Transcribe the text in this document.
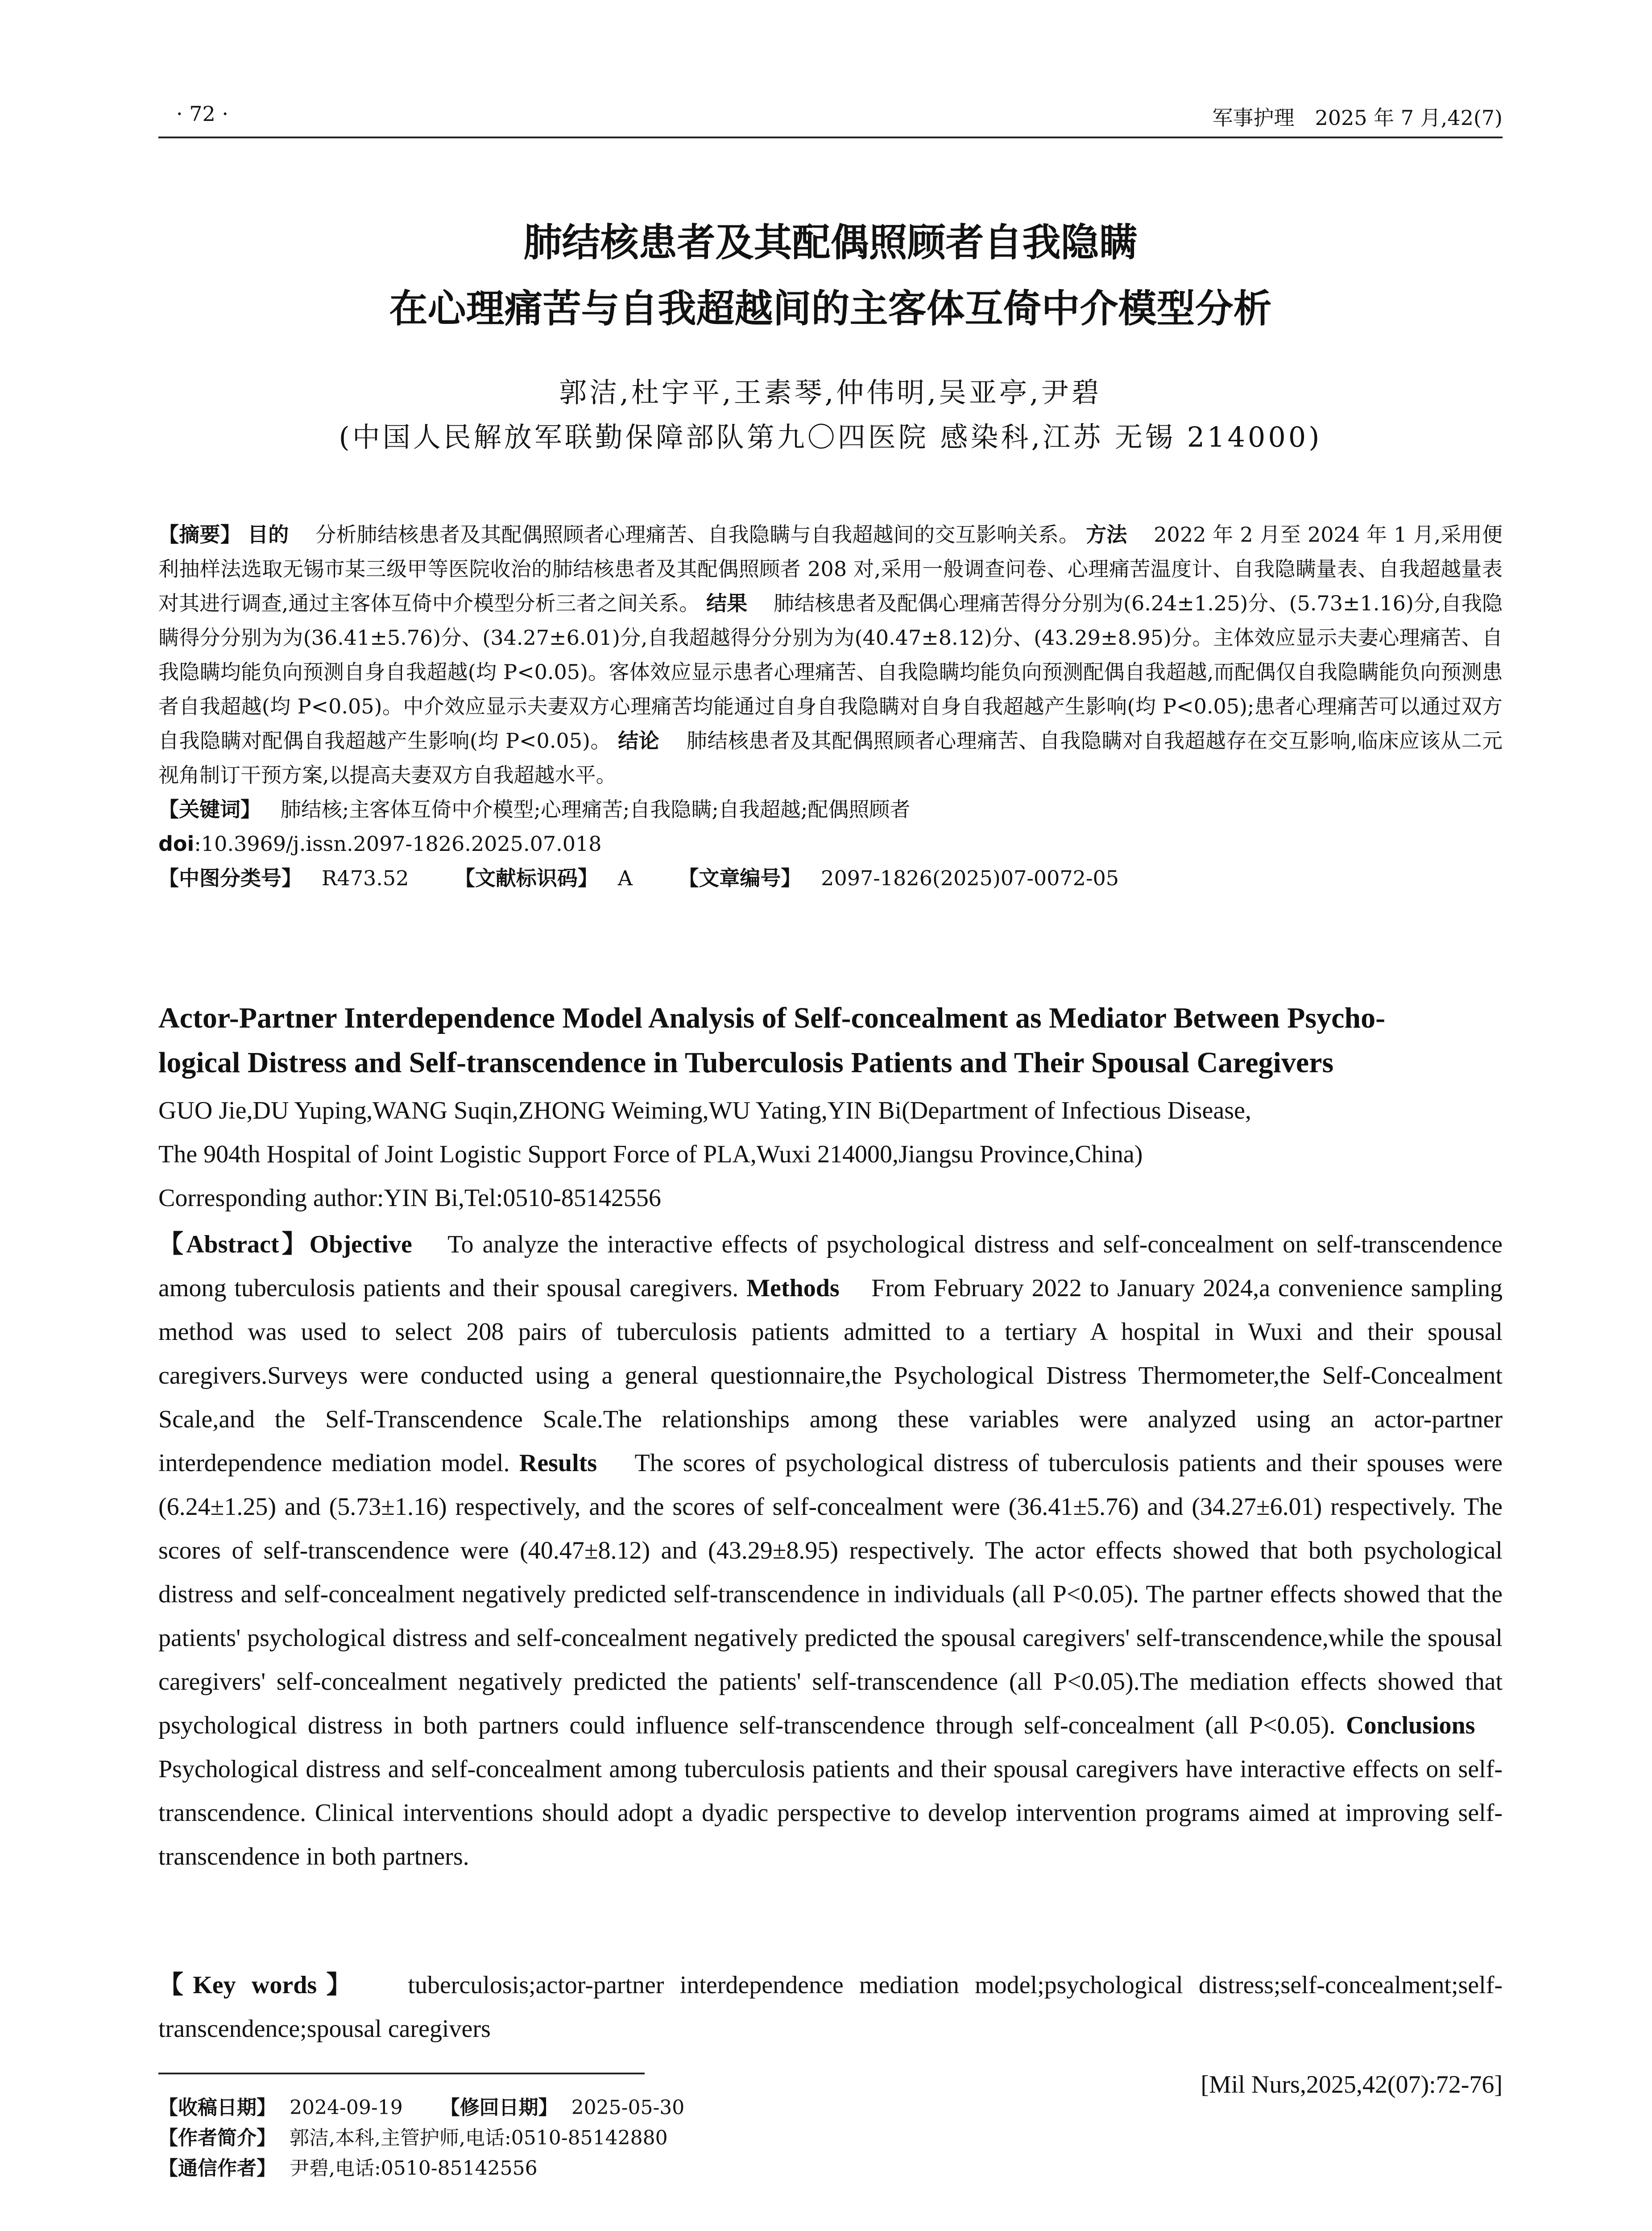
· 72 ·	军事护理　2025 年 7 月,42(7)
肺结核患者及其配偶照顾者自我隐瞒
在心理痛苦与自我超越间的主客体互倚中介模型分析
郭洁,杜宇平,王素琴,仲伟明,吴亚亭,尹碧
(中国人民解放军联勤保障部队第九〇四医院 感染科,江苏 无锡 214000)
【摘要】 目的 分析肺结核患者及其配偶照顾者心理痛苦、自我隐瞒与自我超越间的交互影响关系。 方法 2022 年 2 月至 2024 年 1 月,采用便利抽样法选取无锡市某三级甲等医院收治的肺结核患者及其配偶照顾者 208 对,采用一般调查问卷、心理痛苦温度计、自我隐瞒量表、自我超越量表对其进行调查,通过主客体互倚中介模型分析三者之间关系。 结果 肺结核患者及配偶心理痛苦得分分别为(6.24±1.25)分、(5.73±1.16)分,自我隐瞒得分分别为为(36.41±5.76)分、(34.27±6.01)分,自我超越得分分别为为(40.47±8.12)分、(43.29±8.95)分。主体效应显示夫妻心理痛苦、自我隐瞒均能负向预测自身自我超越(均 P<0.05)。客体效应显示患者心理痛苦、自我隐瞒均能负向预测配偶自我超越,而配偶仅自我隐瞒能负向预测患者自我超越(均 P<0.05)。中介效应显示夫妻双方心理痛苦均能通过自身自我隐瞒对自身自我超越产生影响(均 P<0.05);患者心理痛苦可以通过双方自我隐瞒对配偶自我超越产生影响(均 P<0.05)。 结论 肺结核患者及其配偶照顾者心理痛苦、自我隐瞒对自我超越存在交互影响,临床应该从二元视角制订干预方案,以提高夫妻双方自我超越水平。
【关键词】 肺结核;主客体互倚中介模型;心理痛苦;自我隐瞒;自我超越;配偶照顾者
doi:10.3969/j.issn.2097-1826.2025.07.018
【中图分类号】 R473.52 【文献标识码】 A 【文章编号】 2097-1826(2025)07-0072-05
Actor-Partner Interdependence Model Analysis of Self-concealment as Mediator Between Psycho-
logical Distress and Self-transcendence in Tuberculosis Patients and Their Spousal Caregivers
GUO Jie,DU Yuping,WANG Suqin,ZHONG Weiming,WU Yating,YIN Bi(Department of Infectious Disease,
The 904th Hospital of Joint Logistic Support Force of PLA,Wuxi 214000,Jiangsu Province,China)
Corresponding author:YIN Bi,Tel:0510-85142556
【Abstract】Objective To analyze the interactive effects of psychological distress and self-concealment on self-transcendence among tuberculosis patients and their spousal caregivers. Methods From February 2022 to January 2024,a convenience sampling method was used to select 208 pairs of tuberculosis patients admitted to a tertiary A hospital in Wuxi and their spousal caregivers.Surveys were conducted using a general questionnaire,the Psychological Distress Thermometer,the Self-Concealment Scale,and the Self-Transcendence Scale.The relationships among these variables were analyzed using an actor-partner interdependence mediation model. Results The scores of psychological distress of tuberculosis patients and their spouses were (6.24±1.25) and (5.73±1.16) respectively, and the scores of self-concealment were (36.41±5.76) and (34.27±6.01) respectively. The scores of self-transcendence were (40.47±8.12) and (43.29±8.95) respectively. The actor effects showed that both psychological distress and self-concealment negatively predicted self-transcendence in individuals (all P<0.05). The partner effects showed that the patients' psychological distress and self-concealment negatively predicted the spousal caregivers' self-transcendence,while the spousal caregivers' self-concealment negatively predicted the patients' self-transcendence (all P<0.05).The mediation effects showed that psychological distress in both partners could influence self-transcendence through self-concealment (all P<0.05). Conclusions    Psychological distress and self-concealment among tuberculosis patients and their spousal caregivers have interactive effects on self-transcendence. Clinical interventions should adopt a dyadic perspective to develop intervention programs aimed at improving self-transcendence in both partners.
【Key words】 tuberculosis;actor-partner interdependence mediation model;psychological distress;self-concealment;self-transcendence;spousal caregivers
[Mil Nurs,2025,42(07):72-76]
【收稿日期】 2024-09-19 【修回日期】 2025-05-30
【作者简介】 郭洁,本科,主管护师,电话:0510-85142880
【通信作者】 尹碧,电话:0510-85142556
